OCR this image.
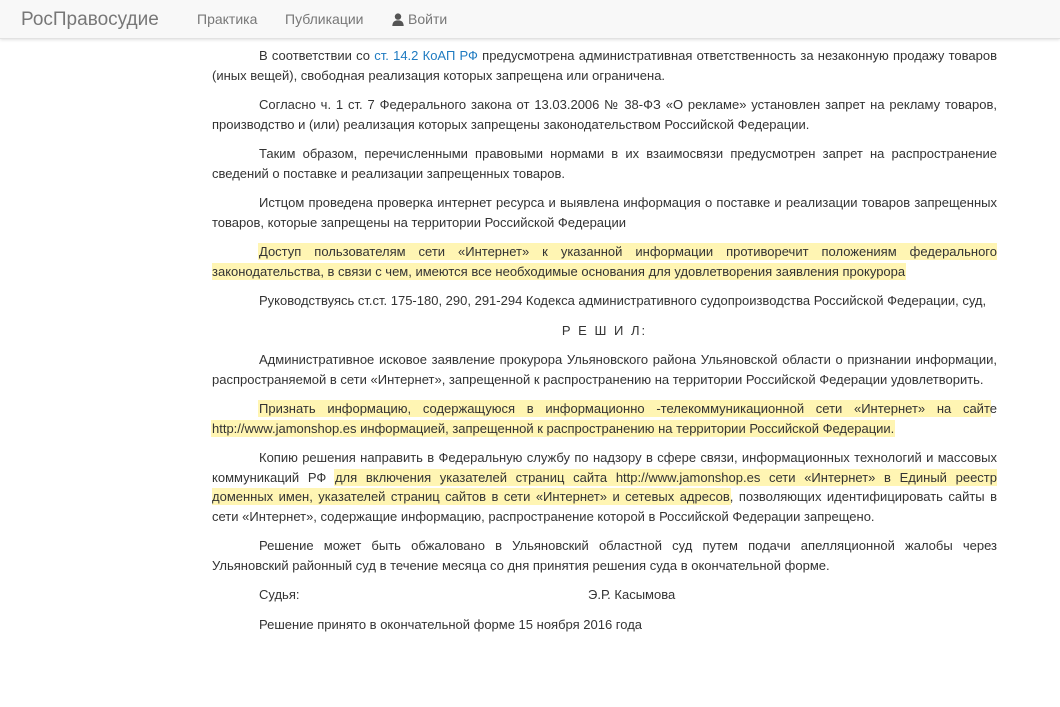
РосПравосудие	Практика Публикации	Войти

В соответствии со ст. 14.2 КоАП РФ предусмотрена административная ответственность за незаконную продажу товаров (иных вещей), свободная реализация которых запрещена или ограничена.

Согласно ч. 1 ст. 7 Федерального закона от 13.03.2006 № 38-ФЗ «О рекламе» установлен запрет на рекламу товаров, производство и (или) реализация которых запрещены законодательством Российской Федерации.

Таким образом, перечисленными правовыми нормами в их взаимосвязи предусмотрен запрет на распространение сведений о поставке и реализации запрещенных товаров.

Истцом проведена проверка интернет ресурса и выявлена информация о поставке и реализации товаров запрещенных товаров, которые запрещены на территории Российской Федерации

Доступ пользователям сети «Интернет» к указанной информации противоречит положениям федерального законодательства, в связи с чем, имеются все необходимые основания для удовлетворения заявления прокурора

Руководствуясь ст.ст. 175-180, 290, 291-294 Кодекса административного судопроизводства Российской Федерации, суд,

Р Е Ш И Л:

Административное исковое заявление прокурора Ульяновского района Ульяновской области о признании информации, распространяемой в сети «Интернет», запрещенной к распространению на территории Российской Федерации удовлетворить.

Признать информацию, содержащуюся в информационно -телекоммуникационной сети «Интернет» на сайте http://www.jamonshop.es информацией, запрещенной к распространению на территории Российской Федерации.

Копию решения направить в Федеральную службу по надзору в сфере связи, информационных технологий и массовых коммуникаций РФ для включения указателей страниц сайта http://www.jamonshop.es сети «Интернет» в Единый реестр доменных имен, указателей страниц сайтов в сети «Интернет» и сетевых адресов, позволяющих идентифицировать сайты в сети «Интернет», содержащие информацию, распространение которой в Российской Федерации запрещено.

Решение может быть обжаловано в Ульяновский областной суд путем подачи апелляционной жалобы через Ульяновский районный суд в течение месяца со дня принятия решения суда в окончательной форме.

Судья:	Э.Р. Касымова

Решение принято в окончательной форме 15 ноября 2016 года
